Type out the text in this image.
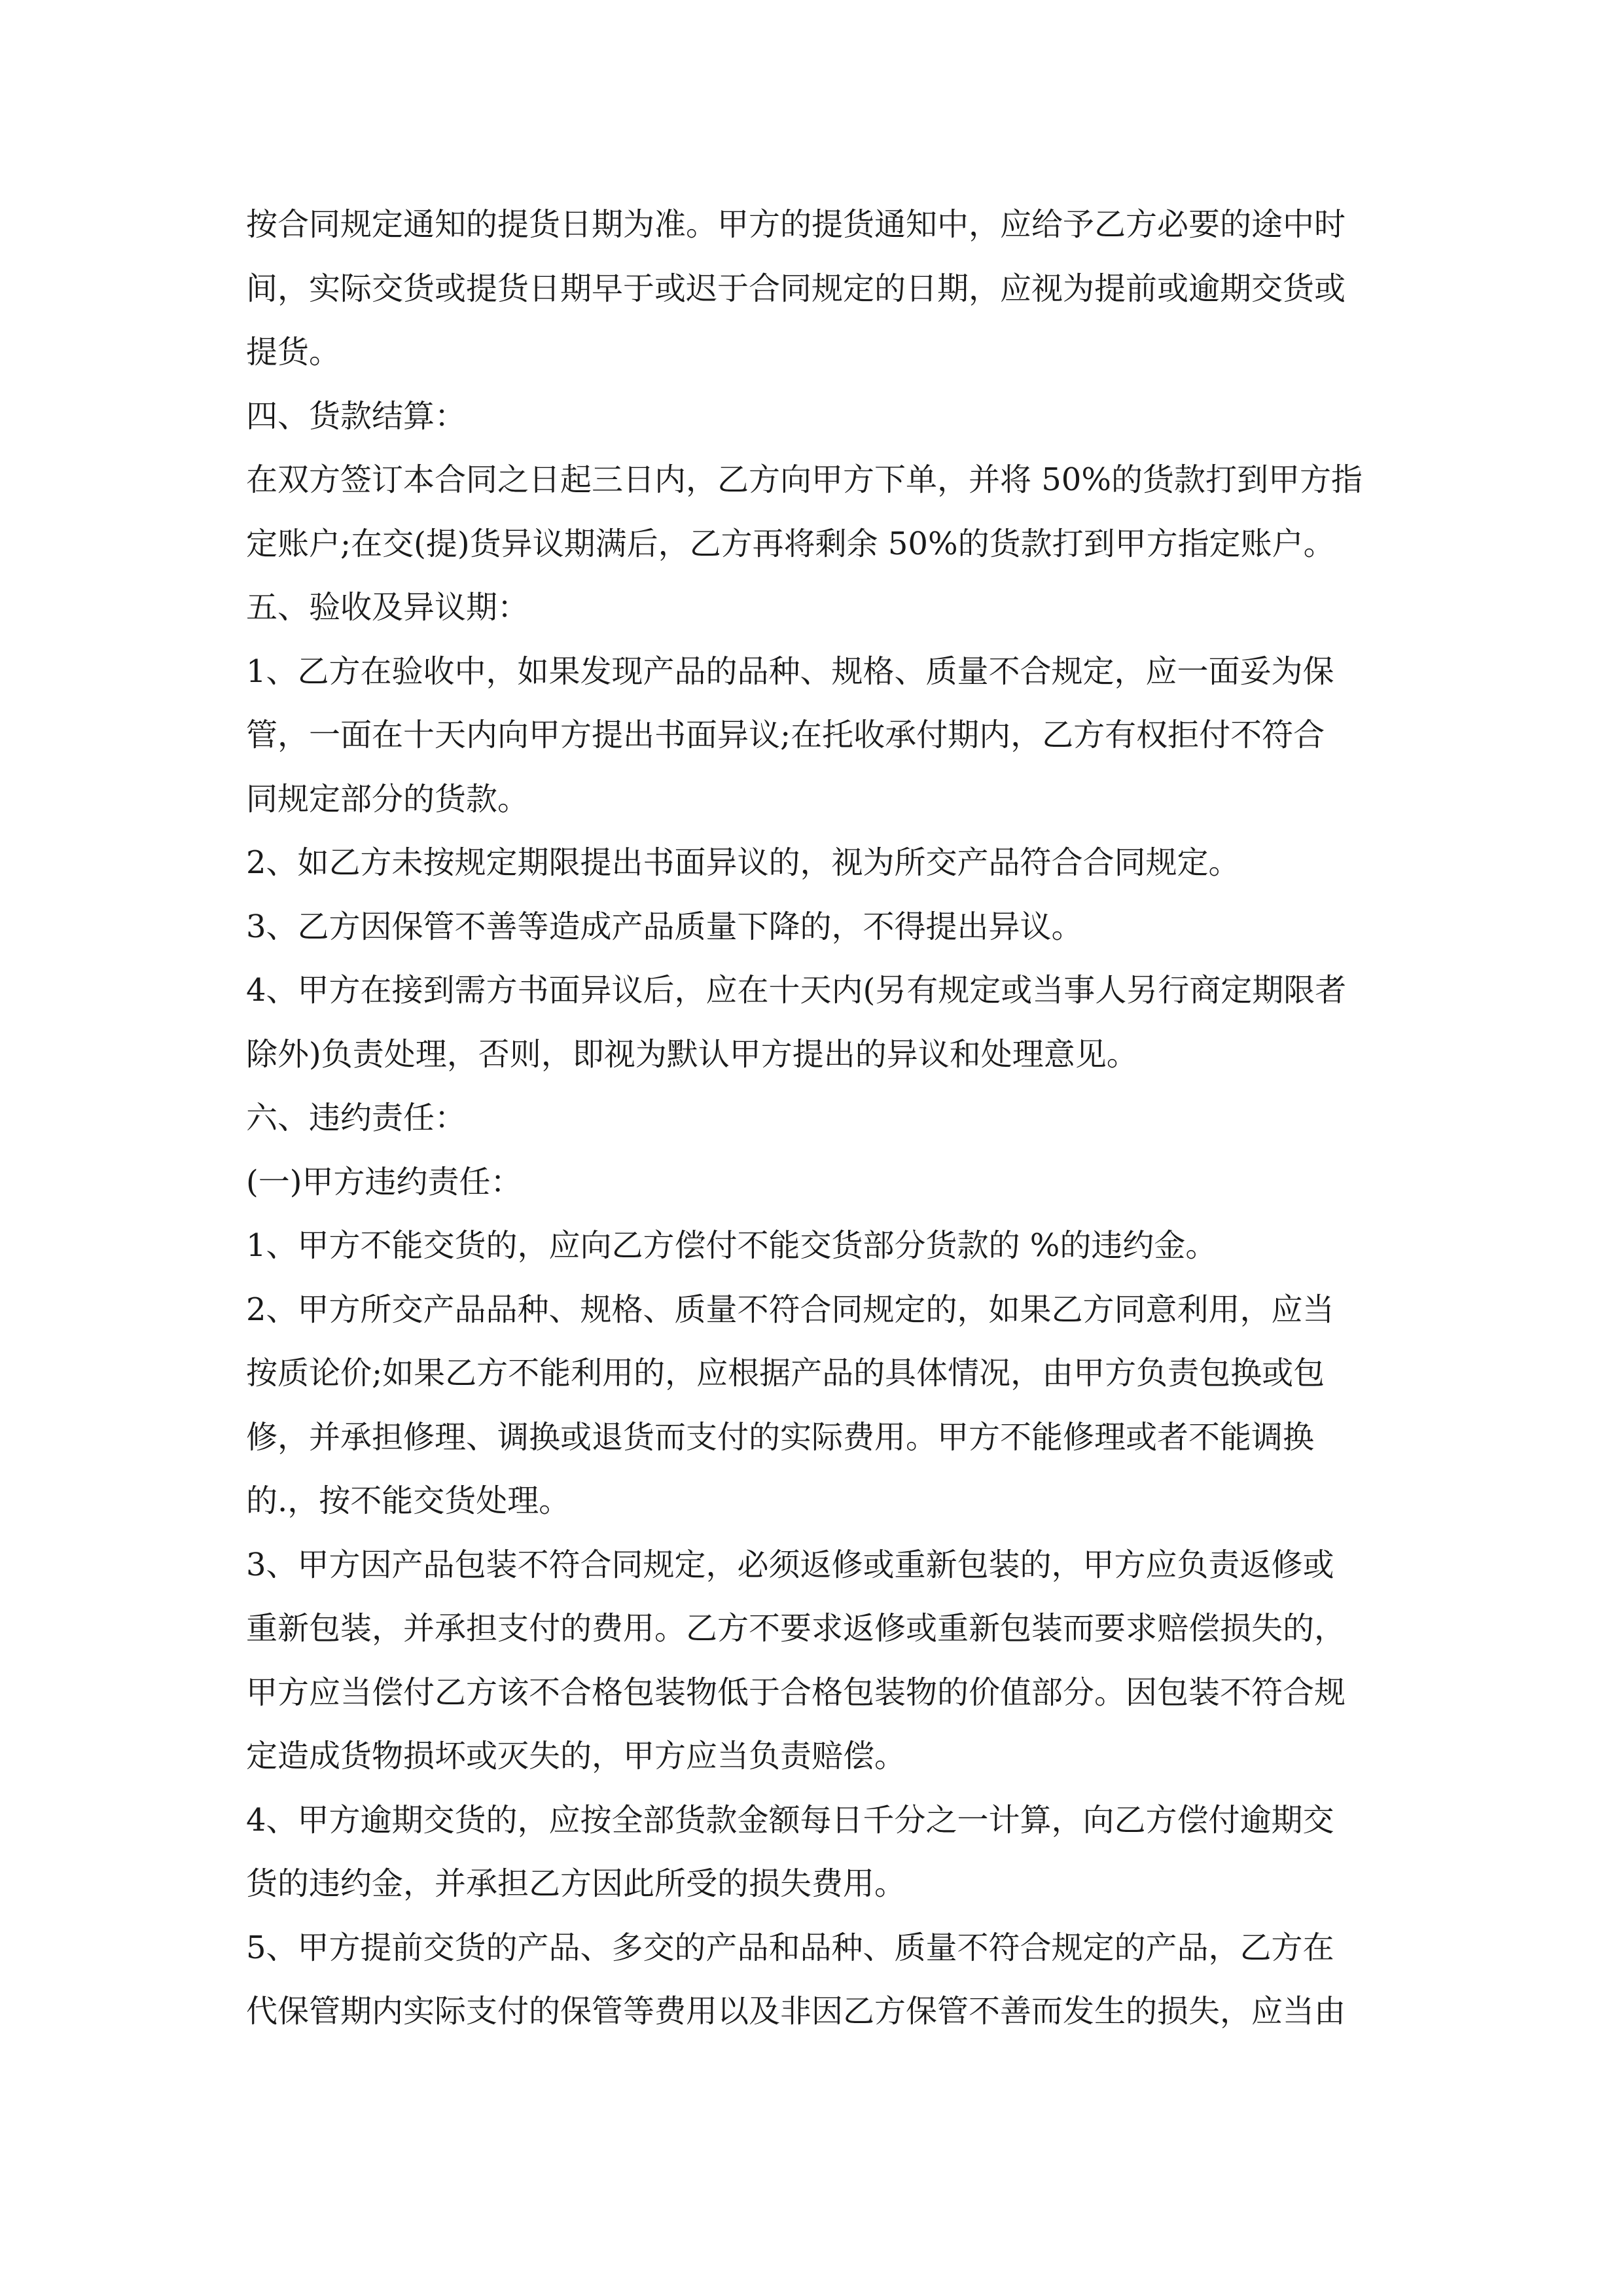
按合同规定通知的提货日期为准。甲方的提货通知中，应给予乙方必要的途中时

间，实际交货或提货日期早于或迟于合同规定的日期，应视为提前或逾期交货或

提货。

四、货款结算：

在双方签订本合同之日起三日内，乙方向甲方下单，并将 50%的货款打到甲方指

定账户;在交(提)货异议期满后，乙方再将剩余 50%的货款打到甲方指定账户。

五、验收及异议期：

1、乙方在验收中，如果发现产品的品种、规格、质量不合规定，应一面妥为保

管，一面在十天内向甲方提出书面异议;在托收承付期内，乙方有权拒付不符合

同规定部分的货款。

2、如乙方未按规定期限提出书面异议的，视为所交产品符合合同规定。

3、乙方因保管不善等造成产品质量下降的，不得提出异议。

4、甲方在接到需方书面异议后，应在十天内(另有规定或当事人另行商定期限者

除外)负责处理，否则，即视为默认甲方提出的异议和处理意见。

六、违约责任：

(一)甲方违约责任：

1、甲方不能交货的，应向乙方偿付不能交货部分货款的 %的违约金。

2、甲方所交产品品种、规格、质量不符合同规定的，如果乙方同意利用，应当

按质论价;如果乙方不能利用的，应根据产品的具体情况，由甲方负责包换或包

修，并承担修理、调换或退货而支付的实际费用。甲方不能修理或者不能调换

的.，按不能交货处理。

3、甲方因产品包装不符合同规定，必须返修或重新包装的，甲方应负责返修或

重新包装，并承担支付的费用。乙方不要求返修或重新包装而要求赔偿损失的，

甲方应当偿付乙方该不合格包装物低于合格包装物的价值部分。因包装不符合规

定造成货物损坏或灭失的，甲方应当负责赔偿。

4、甲方逾期交货的，应按全部货款金额每日千分之一计算，向乙方偿付逾期交

货的违约金，并承担乙方因此所受的损失费用。

5、甲方提前交货的产品、多交的产品和品种、质量不符合规定的产品，乙方在

代保管期内实际支付的保管等费用以及非因乙方保管不善而发生的损失，应当由
